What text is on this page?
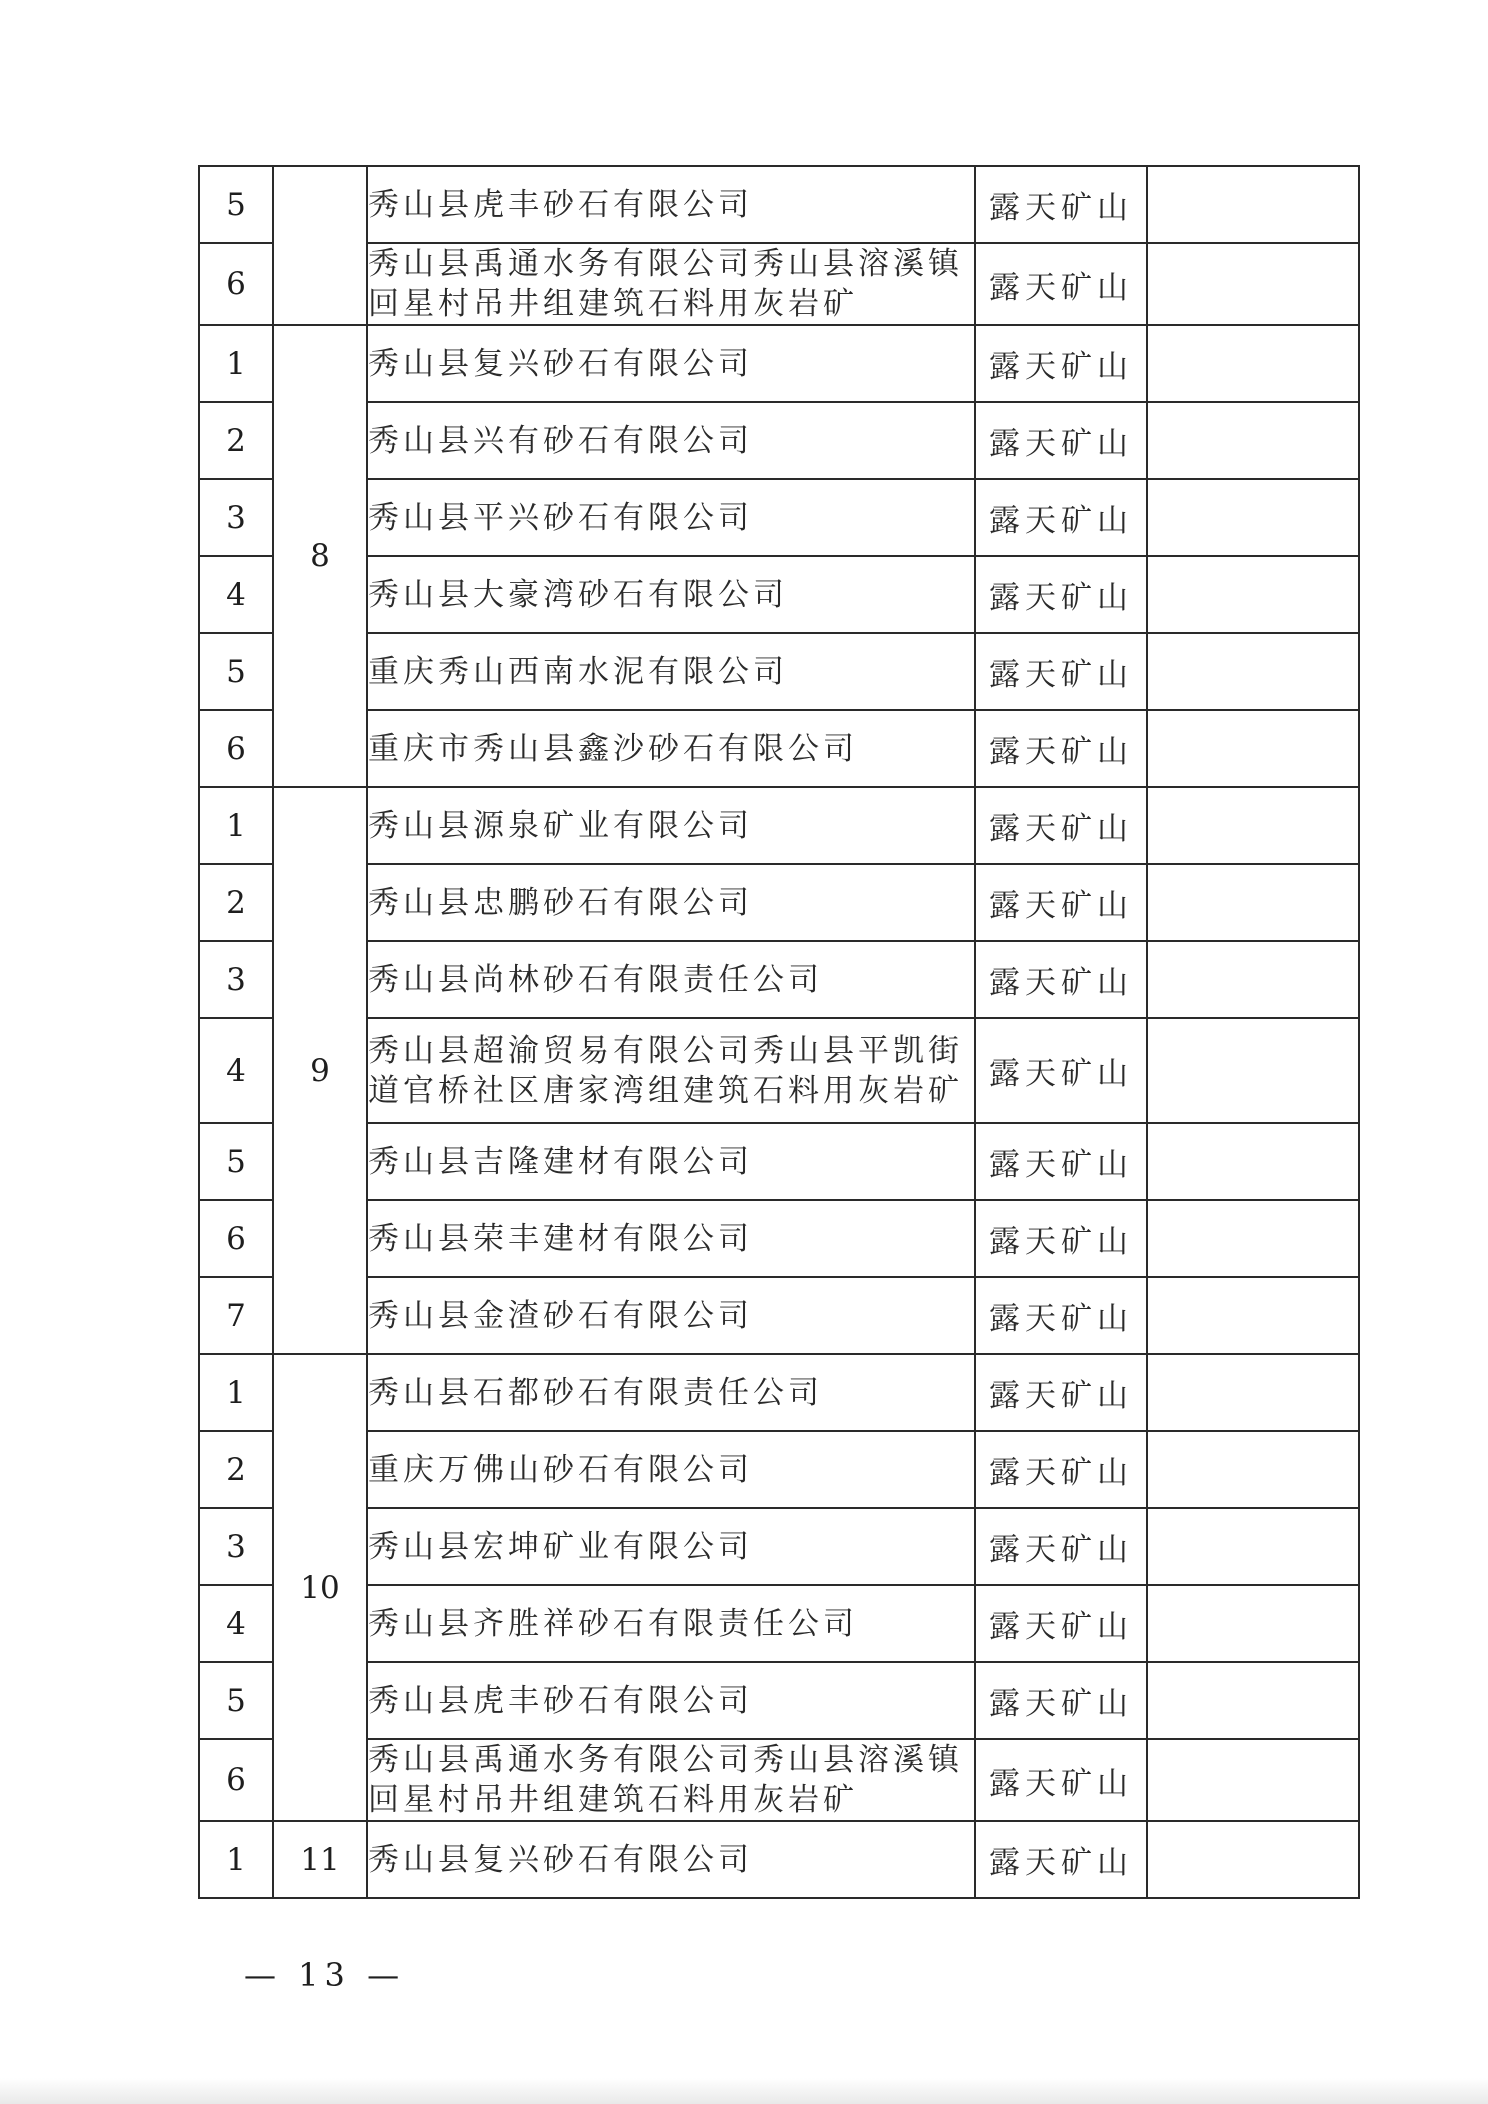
5		秀山县虎丰砂石有限公司	露天矿山	
6		秀山县禹通水务有限公司秀山县溶溪镇回星村吊井组建筑石料用灰岩矿	露天矿山	
1	8	秀山县复兴砂石有限公司	露天矿山	
2		秀山县兴有砂石有限公司	露天矿山	
3		秀山县平兴砂石有限公司	露天矿山	
4		秀山县大豪湾砂石有限公司	露天矿山	
5		重庆秀山西南水泥有限公司	露天矿山	
6		重庆市秀山县鑫沙砂石有限公司	露天矿山	
1	9	秀山县源泉矿业有限公司	露天矿山	
2		秀山县忠鹏砂石有限公司	露天矿山	
3		秀山县尚林砂石有限责任公司	露天矿山	
4		秀山县超渝贸易有限公司秀山县平凯街道官桥社区唐家湾组建筑石料用灰岩矿	露天矿山	
5		秀山县吉隆建材有限公司	露天矿山	
6		秀山县荣丰建材有限公司	露天矿山	
7		秀山县金渣砂石有限公司	露天矿山	
1	10	秀山县石都砂石有限责任公司	露天矿山	
2		重庆万佛山砂石有限公司	露天矿山	
3		秀山县宏坤矿业有限公司	露天矿山	
4		秀山县齐胜祥砂石有限责任公司	露天矿山	
5		秀山县虎丰砂石有限公司	露天矿山	
6		秀山县禹通水务有限公司秀山县溶溪镇回星村吊井组建筑石料用灰岩矿	露天矿山	
1	11	秀山县复兴砂石有限公司	露天矿山	
— 13 —
